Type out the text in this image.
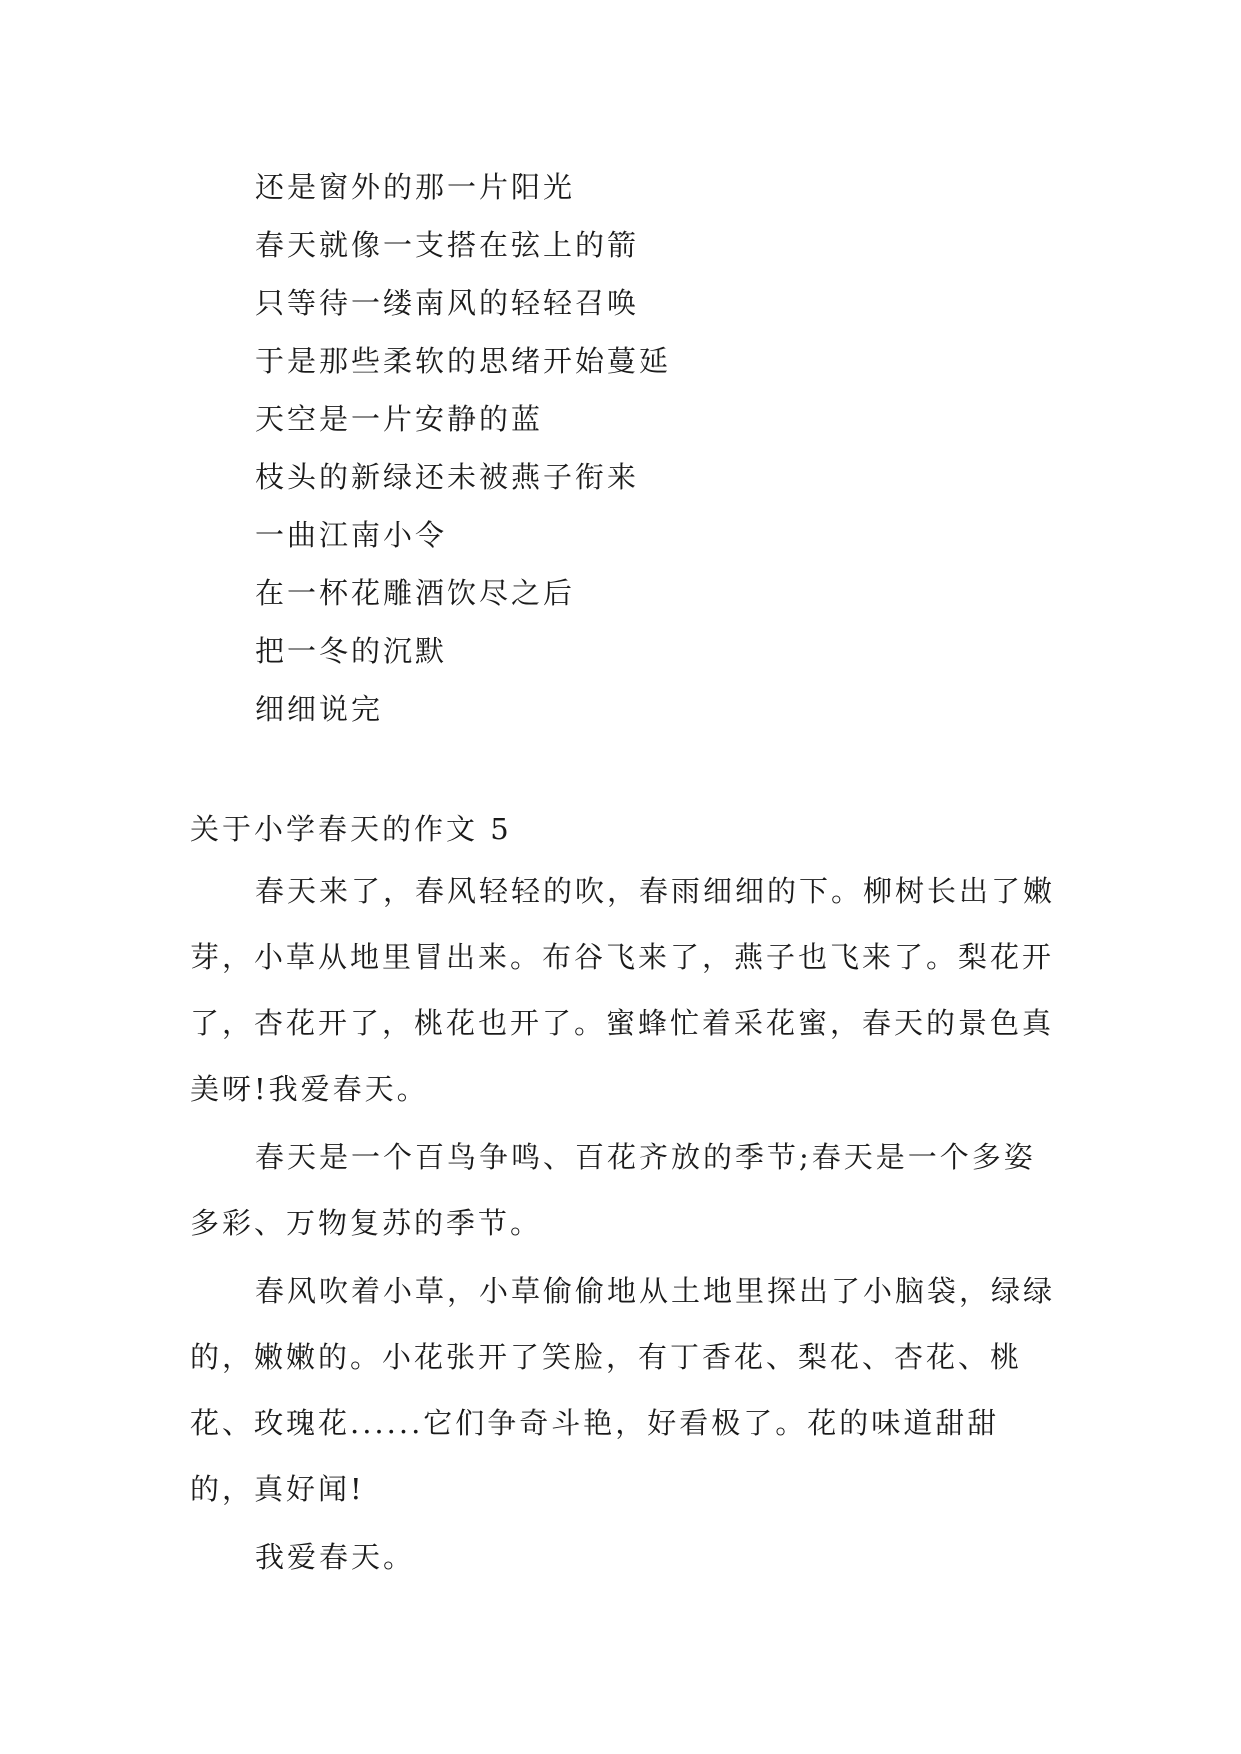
还是窗外的那一片阳光
春天就像一支搭在弦上的箭
只等待一缕南风的轻轻召唤
于是那些柔软的思绪开始蔓延
天空是一片安静的蓝
枝头的新绿还未被燕子衔来
一曲江南小令
在一杯花雕酒饮尽之后
把一冬的沉默
细细说完
关于小学春天的作文 5

春天来了，春风轻轻的吹，春雨细细的下。柳树长出了嫩芽，小草从地里冒出来。布谷飞来了，燕子也飞来了。梨花开了，杏花开了，桃花也开了。蜜蜂忙着采花蜜，春天的景色真美呀!我爱春天。

春天是一个百鸟争鸣、百花齐放的季节;春天是一个多姿多彩、万物复苏的季节。

春风吹着小草，小草偷偷地从土地里探出了小脑袋，绿绿的，嫩嫩的。小花张开了笑脸，有丁香花、梨花、杏花、桃花、玫瑰花......它们争奇斗艳，好看极了。花的味道甜甜的，真好闻!

我爱春天。
